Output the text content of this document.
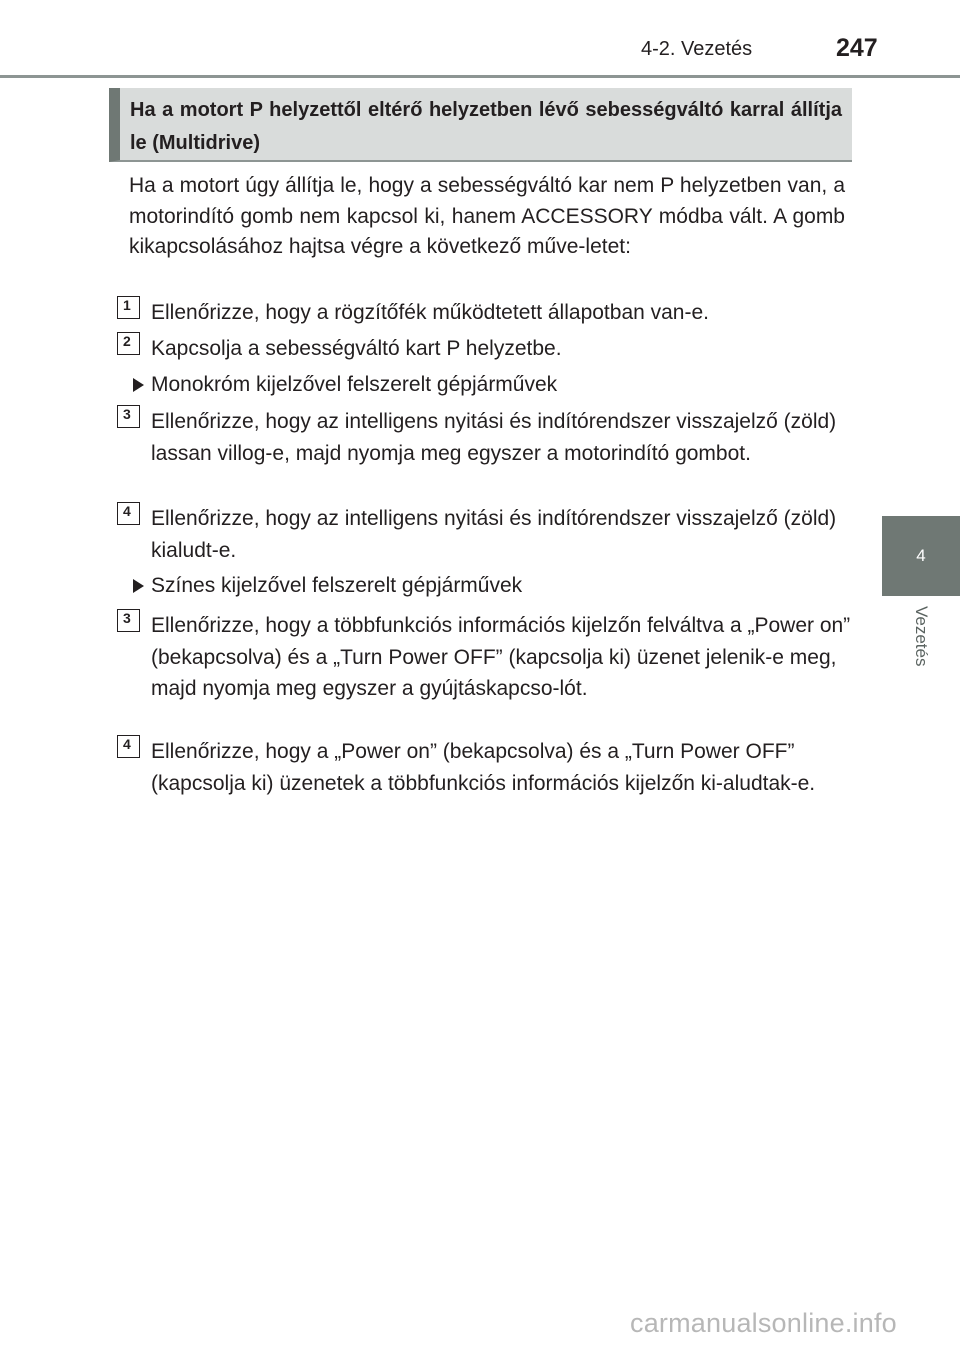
4-2. Vezetés	247
4
Vezetés
Ha a motort P helyzettől eltérő helyzetben lévő sebességváltó karral állítja le (Multidrive)

Ha a motort úgy állítja le, hogy a sebességváltó kar nem P helyzetben van, a motorindító gomb nem kapcsol ki, hanem ACCESSORY módba vált. A gomb kikapcsolásához hajtsa végre a következő műve-letet:

1 Ellenőrizze, hogy a rögzítőfék működtetett állapotban van-e.

2 Kapcsolja a sebességváltó kart P helyzetbe.

Monokróm kijelzővel felszerelt gépjárművek

3 Ellenőrizze, hogy az intelligens nyitási és indítórendszer visszajelző (zöld) lassan villog-e, majd nyomja meg egyszer a motorindító gombot.

4 Ellenőrizze, hogy az intelligens nyitási és indítórendszer visszajelző (zöld) kialudt-e.

Színes kijelzővel felszerelt gépjárművek

3 Ellenőrizze, hogy a többfunkciós információs kijelzőn felváltva a „Power on” (bekapcsolva) és a „Turn Power OFF” (kapcsolja ki) üzenet jelenik-e meg, majd nyomja meg egyszer a gyújtáskapcso-lót.

4 Ellenőrizze, hogy a „Power on” (bekapcsolva) és a „Turn Power OFF” (kapcsolja ki) üzenetek a többfunkciós információs kijelzőn ki-aludtak-e.

carmanualsonline.info
